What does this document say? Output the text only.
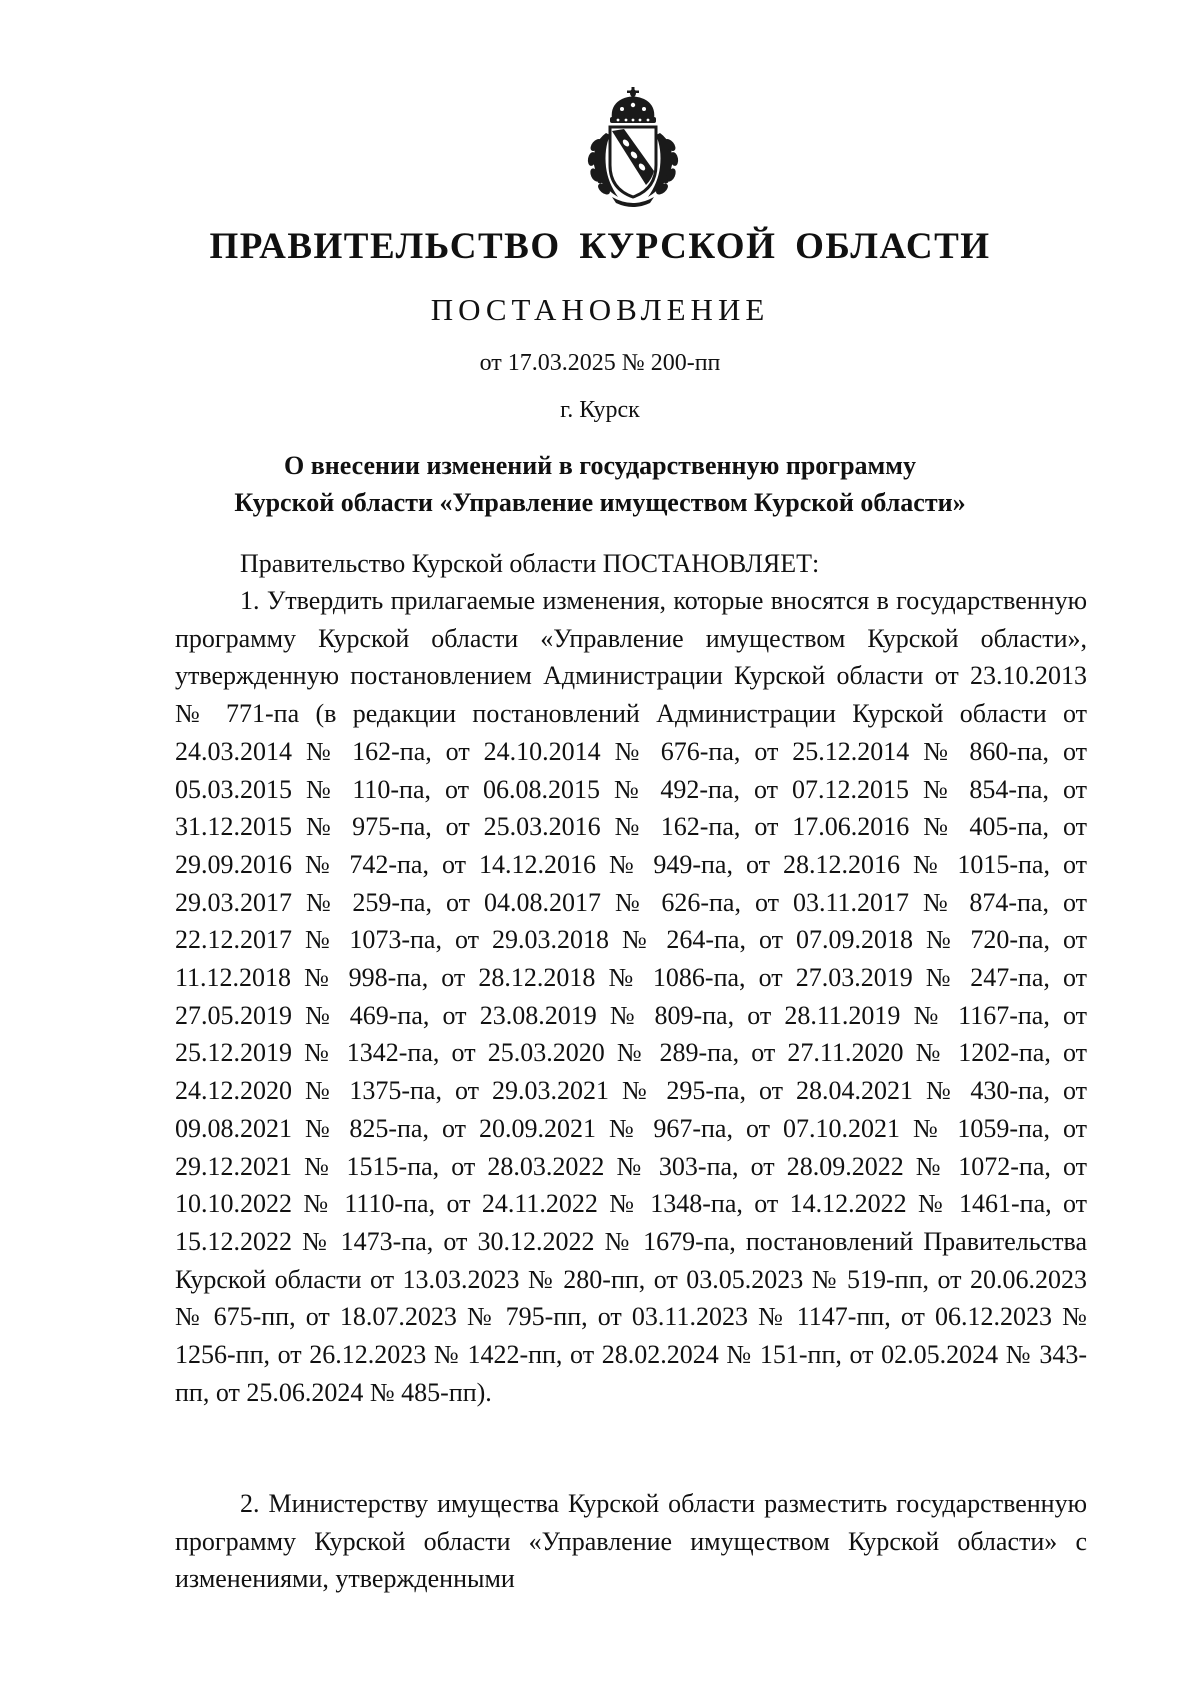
ПРАВИТЕЛЬСТВО КУРСКОЙ ОБЛАСТИ
ПОСТАНОВЛЕНИЕ
от 17.03.2025 № 200-пп
г. Курск
О внесении изменений в государственную программу
Курской области «Управление имуществом Курской области»
Правительство Курской области ПОСТАНОВЛЯЕТ:
1. Утвердить прилагаемые изменения, которые вносятся в государственную программу Курской области «Управление имуществом Курской области», утвержденную постановлением Администрации Курской области от 23.10.2013 № 771-па (в редакции постановлений Администрации Курской области от 24.03.2014 № 162-па, от 24.10.2014 № 676-па, от 25.12.2014 № 860-па, от 05.03.2015 № 110-па, от 06.08.2015 № 492-па, от 07.12.2015 № 854-па, от 31.12.2015 № 975-па, от 25.03.2016 № 162-па, от 17.06.2016 № 405-па, от 29.09.2016 № 742-па, от 14.12.2016 № 949-па, от 28.12.2016 № 1015-па, от 29.03.2017 № 259-па, от 04.08.2017 № 626-па, от 03.11.2017 № 874-па, от 22.12.2017 № 1073-па, от 29.03.2018 № 264-па, от 07.09.2018 № 720-па, от 11.12.2018 № 998-па, от 28.12.2018 № 1086-па, от 27.03.2019 № 247-па, от 27.05.2019 № 469-па, от 23.08.2019 № 809-па, от 28.11.2019 № 1167-па, от 25.12.2019 № 1342-па, от 25.03.2020 № 289-па, от 27.11.2020 № 1202-па, от 24.12.2020 № 1375-па, от 29.03.2021 № 295-па, от 28.04.2021 № 430-па, от 09.08.2021 № 825-па, от 20.09.2021 № 967-па, от 07.10.2021 № 1059-па, от 29.12.2021 № 1515-па, от 28.03.2022 № 303-па, от 28.09.2022 № 1072-па, от 10.10.2022 № 1110-па, от 24.11.2022 № 1348-па, от 14.12.2022 № 1461-па, от 15.12.2022 № 1473-па, от 30.12.2022 № 1679-па, постановлений Правительства Курской области от 13.03.2023 № 280-пп, от 03.05.2023 № 519-пп, от 20.06.2023 № 675-пп, от 18.07.2023 № 795-пп, от 03.11.2023 № 1147-пп, от 06.12.2023 № 1256-пп, от 26.12.2023 № 1422-пп, от 28.02.2024 № 151-пп, от 02.05.2024 № 343-пп, от 25.06.2024 № 485-пп).
2. Министерству имущества Курской области разместить государственную программу Курской области «Управление имуществом Курской области» с изменениями, утвержденными
